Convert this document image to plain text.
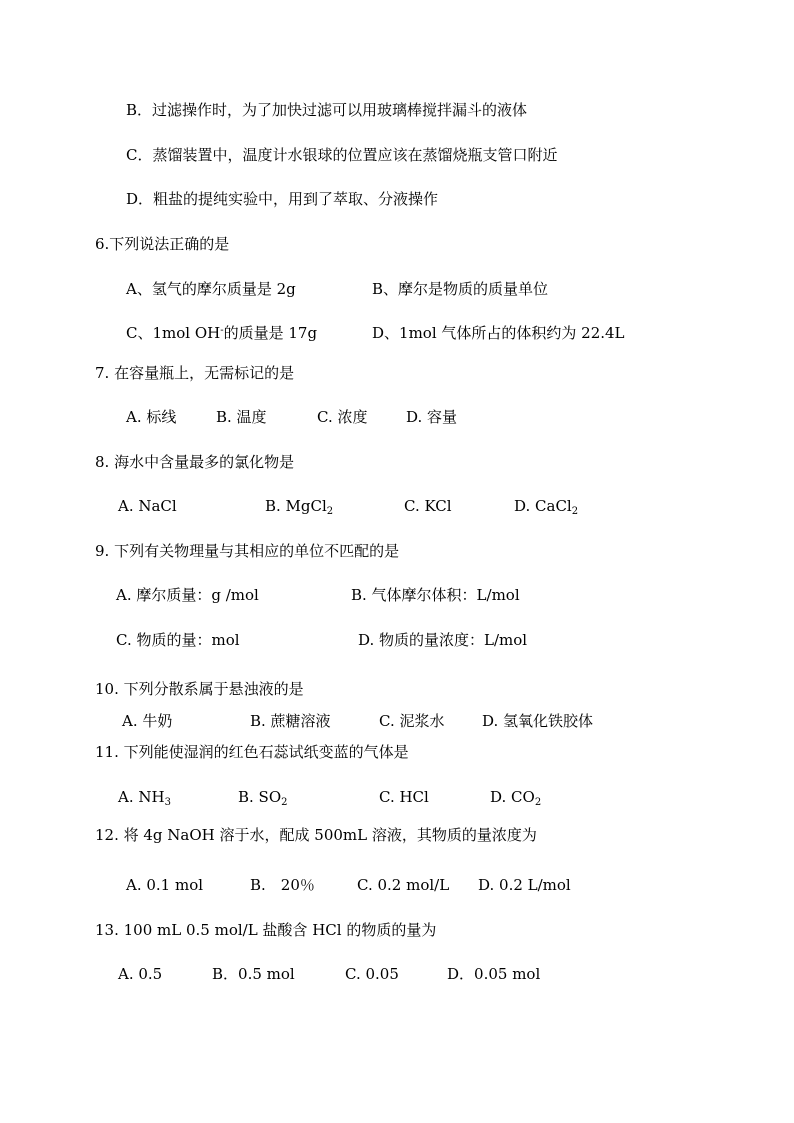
B．过滤操作时，为了加快过滤可以用玻璃棒搅拌漏斗的液体
C．蒸馏装置中，温度计水银球的位置应该在蒸馏烧瓶支管口附近
D．粗盐的提纯实验中，用到了萃取、分液操作
6.下列说法正确的是
A、氢气的摩尔质量是 2g	B、摩尔是物质的质量单位
C、1mol OH-的质量是 17g	D、1mol 气体所占的体积约为 22.4L
7. 在容量瓶上，无需标记的是
A. 标线	B. 温度	C. 浓度	D. 容量
8. 海水中含量最多的氯化物是
A. NaCl	B. MgCl$_2$	C. KCl	D. CaCl$_2$
9. 下列有关物理量与其相应的单位不匹配的是
A. 摩尔质量：g /mol	B. 气体摩尔体积：L/mol
C. 物质的量：mol	D. 物质的量浓度：L/mol
10. 下列分散系属于悬浊液的是
A. 牛奶	B. 蔗糖溶液	C. 泥浆水	D. 氢氧化铁胶体
11. 下列能使湿润的红色石蕊试纸变蓝的气体是
A. $NH_3$	B. $SO_2$	C. HCl	D. $CO_2$
12. 将 4g NaOH 溶于水，配成 500mL 溶液，其物质的量浓度为
A. 0.1 mol	B.　20％	C. 0.2 mol/L D. 0.2 L/mol
13. 100 mL 0.5 mol/L 盐酸含 HCl 的物质的量为
A. 0.5	B．0.5 mol	C. 0.05	D．0.05 mol
